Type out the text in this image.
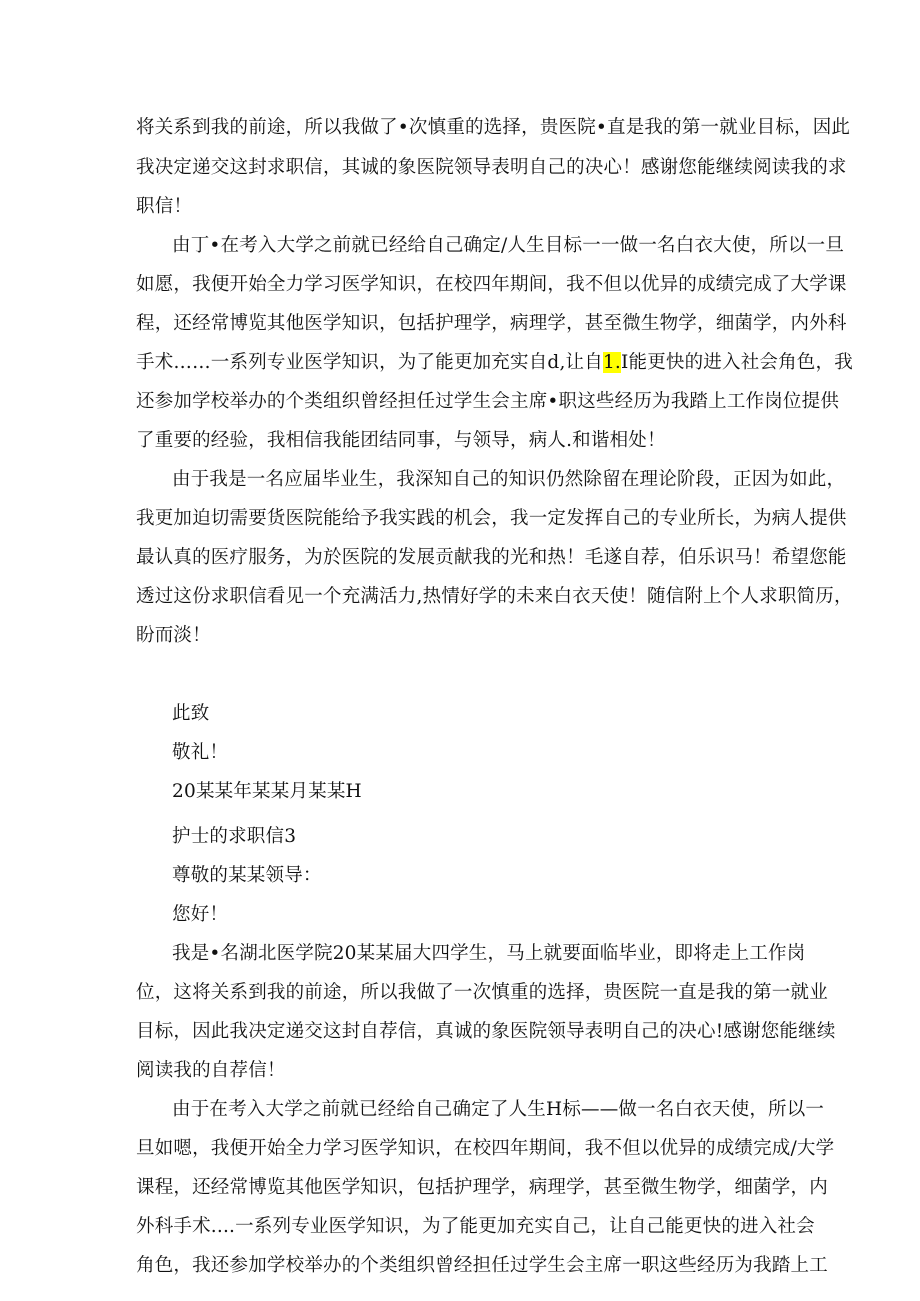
将关系到我的前途，所以我做了•次慎重的选择，贵医院•直是我的第一就业目标，因此
我决定递交这封求职信，其诚的象医院领导表明自己的决心！感谢您能继续阅读我的求
职信！
由丁•在考入大学之前就已经给自己确定/人生目标一一做一名白衣大使，所以一旦
如愿，我便开始全力学习医学知识，在校四年期间，我不但以优异的成绩完成了大学课
程，还经常博览其他医学知识，包括护理学，病理学，甚至微生物学，细菌学，内外科
手术……一系列专业医学知识，为了能更加充实自d,让自1.I能更快的进入社会角色，我
还参加学校举办的个类组织曾经担任过学生会主席•职这些经历为我踏上工作岗位提供
了重要的经验，我相信我能团结同事，与领导，病人.和谐相处！
由于我是一名应届毕业生，我深知自己的知识仍然除留在理论阶段，正因为如此，
我更加迫切需要货医院能给予我实践的机会，我一定发挥自己的专业所长，为病人提供
最认真的医疗服务，为於医院的发展贡献我的光和热！毛遂自荐，伯乐识马！希望您能
透过这份求职信看见一个充满活力,热情好学的未来白衣天使！随信附上个人求职简历，
盼而淡！
此致
敬礼！
20某某年某某月某某H
护士的求职信3
尊敬的某某领导：
您好！
我是•名湖北医学院20某某届大四学生，马上就要面临毕业，即将走上工作岗
位，这将关系到我的前途，所以我做了一次慎重的选择，贵医院一直是我的第一就业
目标，因此我决定递交这封自荐信，真诚的象医院领导表明自己的决心!感谢您能继续
阅读我的自荐信！
由于在考入大学之前就已经给自己确定了人生H标——做一名白衣天使，所以一
旦如嗯，我便开始全力学习医学知识，在校四年期间，我不但以优异的成绩完成/大学
课程，还经常博览其他医学知识，包括护理学，病理学，甚至微生物学，细菌学，内
外科手术....一系列专业医学知识，为了能更加充实自己，让自己能更快的进入社会
角色，我还参加学校举办的个类组织曾经担任过学生会主席一职这些经历为我踏上工
